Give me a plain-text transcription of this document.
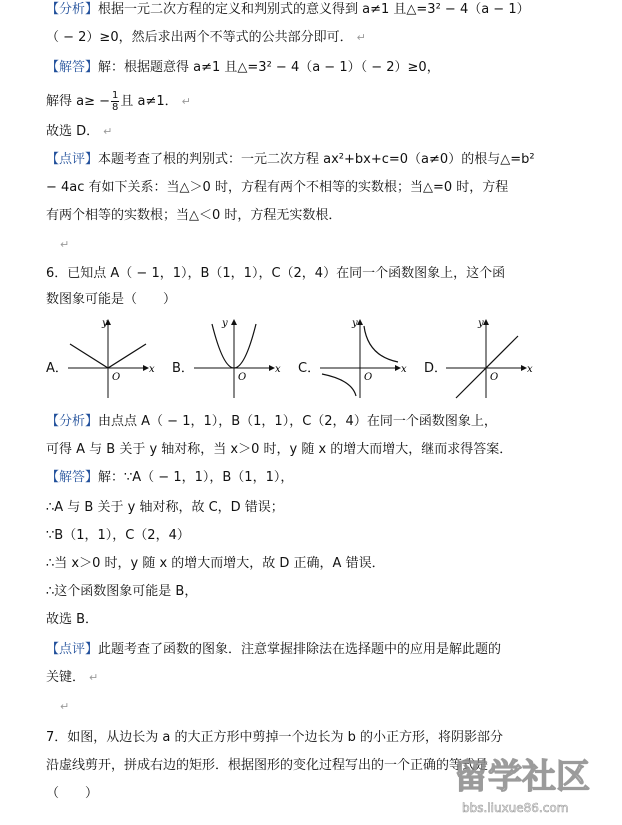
【分析】根据一元二次方程的定义和判别式的意义得到 a≠1 且△=3² − 4（a − 1）
（ − 2）≥0，然后求出两个不等式的公共部分即可． ↵
【解答】解：根据题意得 a≠1 且△=3² − 4（a − 1）（ − 2）≥0，
解得 $a\ge - \frac{1}{8}$ 且 a≠1． ↵
故选 D． ↵
【点评】本题考查了根的判别式：一元二次方程 ax²+bx+c=0（a≠0）的根与△=b²
− 4ac 有如下关系：当△＞0 时，方程有两个不相等的实数根；当△=0 时，方程
有两个相等的实数根；当△＜0 时，方程无实数根．
↵
6．已知点 A（ − 1，1），B（1，1），C（2，4）在同一个函数图象上，这个函
数图象可能是（　　）
A．	B．	C．	D．
y
x
O
y
x
O
y
x
O
y
x
O
【分析】由点点 A（ − 1，1），B（1，1），C（2，4）在同一个函数图象上，
可得 A 与 B 关于 y 轴对称，当 x＞0 时，y 随 x 的增大而增大，继而求得答案．
【解答】解：∵A（ − 1，1），B（1，1），
∴A 与 B 关于 y 轴对称，故 C，D 错误；
∵B（1，1），C（2，4）
∴当 x＞0 时，y 随 x 的增大而增大，故 D 正确，A 错误．
∴这个函数图象可能是 B，
故选 B．
【点评】此题考查了函数的图象．注意掌握排除法在选择题中的应用是解此题的
关键． ↵
↵
7．如图，从边长为 a 的大正方形中剪掉一个边长为 b 的小正方形，将阴影部分
沿虚线剪开，拼成右边的矩形．根据图形的变化过程写出的一个正确的等式是
（　　）	留学社区
bbs.liuxue86.com
